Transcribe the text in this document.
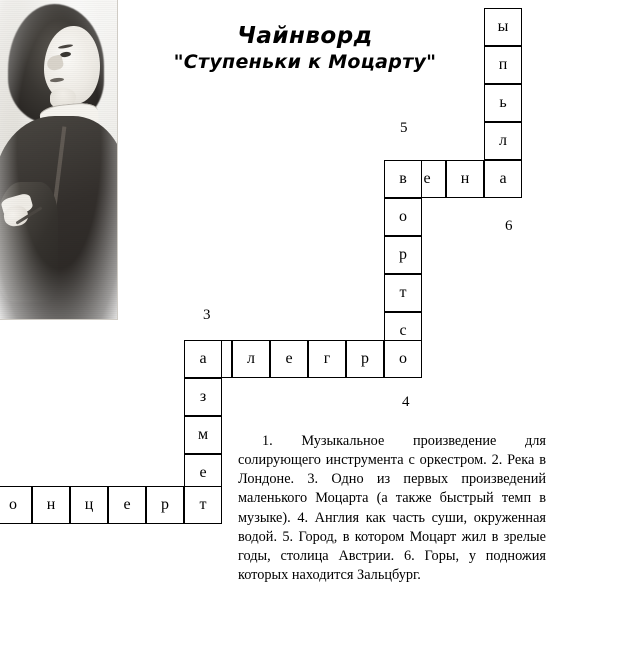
Чайнворд
"Ступеньки к Моцарту"
ы
п
ь
л
а
н
е
в
о
р
т
с
о
р
г
е
л
а
з
м
е
т
р
е
ц
н
о
5
6
3
4
1. Музыкальное произведение для солирующего инструмента с оркестром. 2. Река в Лондоне. 3. Одно из первых произведений маленького Моцарта (а также быстрый темп в музыке). 4. Англия как часть суши, окруженная водой. 5. Город, в котором Моцарт жил в зрелые годы, столица Австрии. 6. Горы, у подножия которых находится Зальцбург.
